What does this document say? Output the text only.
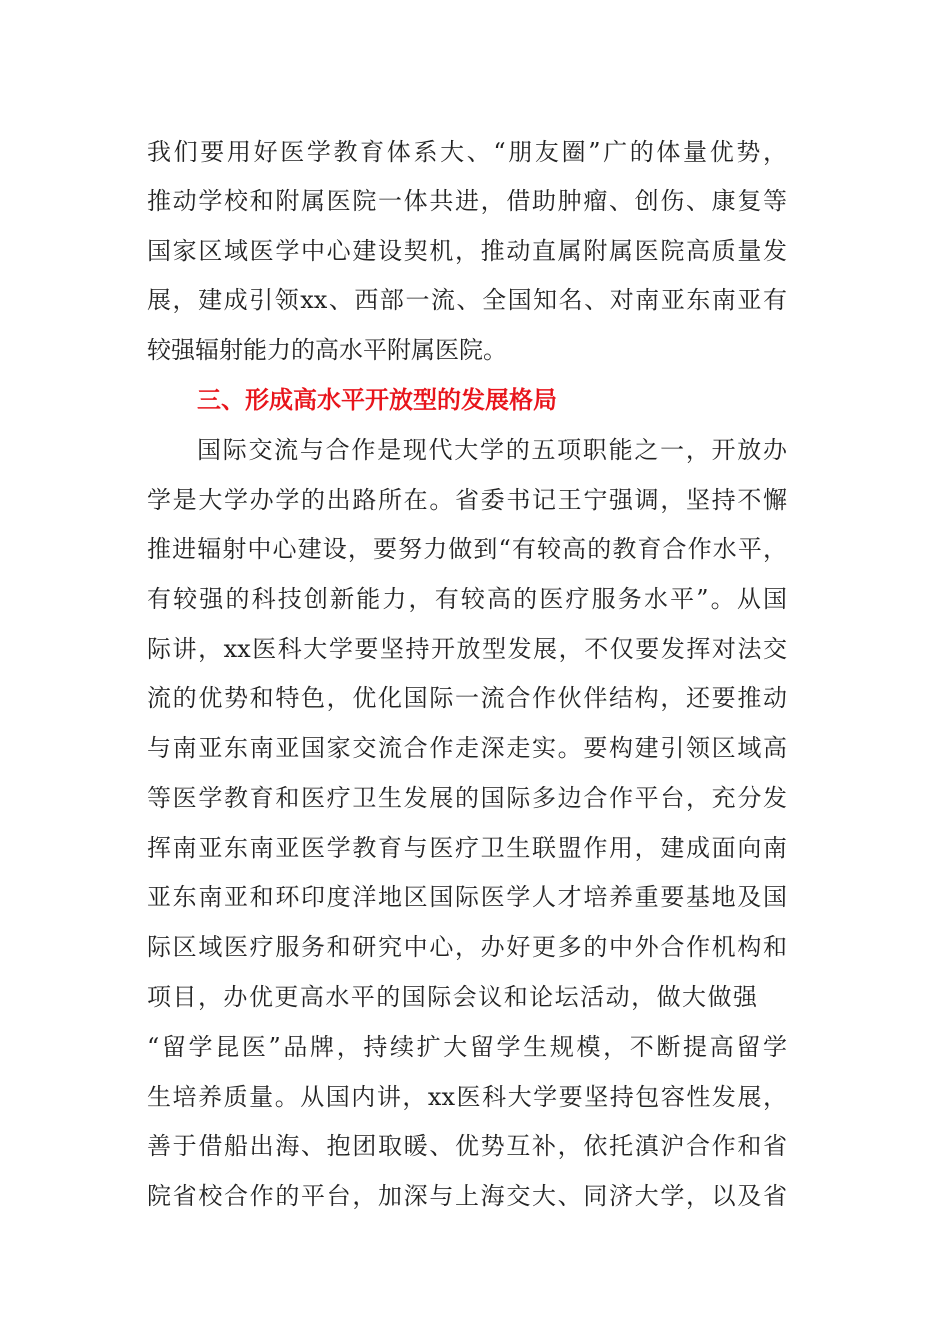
我们要用好医学教育体系大、“朋友圈”广的体量优势，
推动学校和附属医院一体共进，借助肿瘤、创伤、康复等
国家区域医学中心建设契机，推动直属附属医院高质量发
展，建成引领xx、西部一流、全国知名、对南亚东南亚有
较强辐射能力的高水平附属医院。
三、形成高水平开放型的发展格局
国际交流与合作是现代大学的五项职能之一，开放办
学是大学办学的出路所在。省委书记王宁强调，坚持不懈
推进辐射中心建设，要努力做到“有较高的教育合作水平，
有较强的科技创新能力，有较高的医疗服务水平”。从国
际讲，xx医科大学要坚持开放型发展，不仅要发挥对法交
流的优势和特色，优化国际一流合作伙伴结构，还要推动
与南亚东南亚国家交流合作走深走实。要构建引领区域高
等医学教育和医疗卫生发展的国际多边合作平台，充分发
挥南亚东南亚医学教育与医疗卫生联盟作用，建成面向南
亚东南亚和环印度洋地区国际医学人才培养重要基地及国
际区域医疗服务和研究中心，办好更多的中外合作机构和
项目，办优更高水平的国际会议和论坛活动，做大做强
“留学昆医”品牌，持续扩大留学生规模，不断提高留学
生培养质量。从国内讲，xx医科大学要坚持包容性发展，
善于借船出海、抱团取暖、优势互补，依托滇沪合作和省
院省校合作的平台，加深与上海交大、同济大学，以及省
